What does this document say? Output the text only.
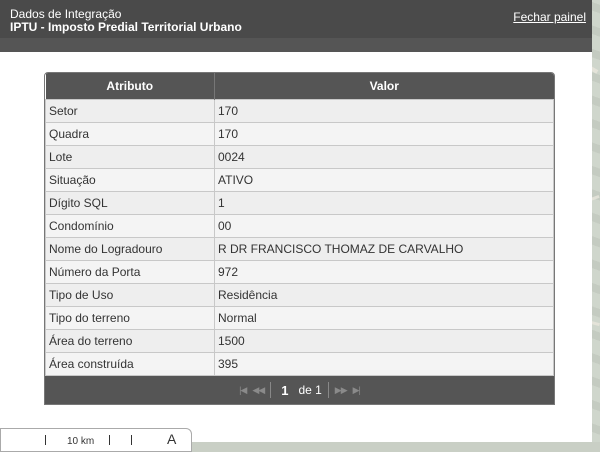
Dados de Integração
IPTU - Imposto Predial Territorial Urbano
Fechar painel
Atributo	Valor
Setor	170
Quadra	170
Lote	0024
Situação	ATIVO
Dígito SQL	1
Condomínio	00
Nome do Logradouro	R DR FRANCISCO THOMAZ DE CARVALHO
Número da Porta	972
Tipo de Uso	Residência
Tipo do terreno	Normal
Área do terreno	1500
Área construída	395
|◀ ◀◀	1 de 1 ▶▶ ▶|
10 km	A
